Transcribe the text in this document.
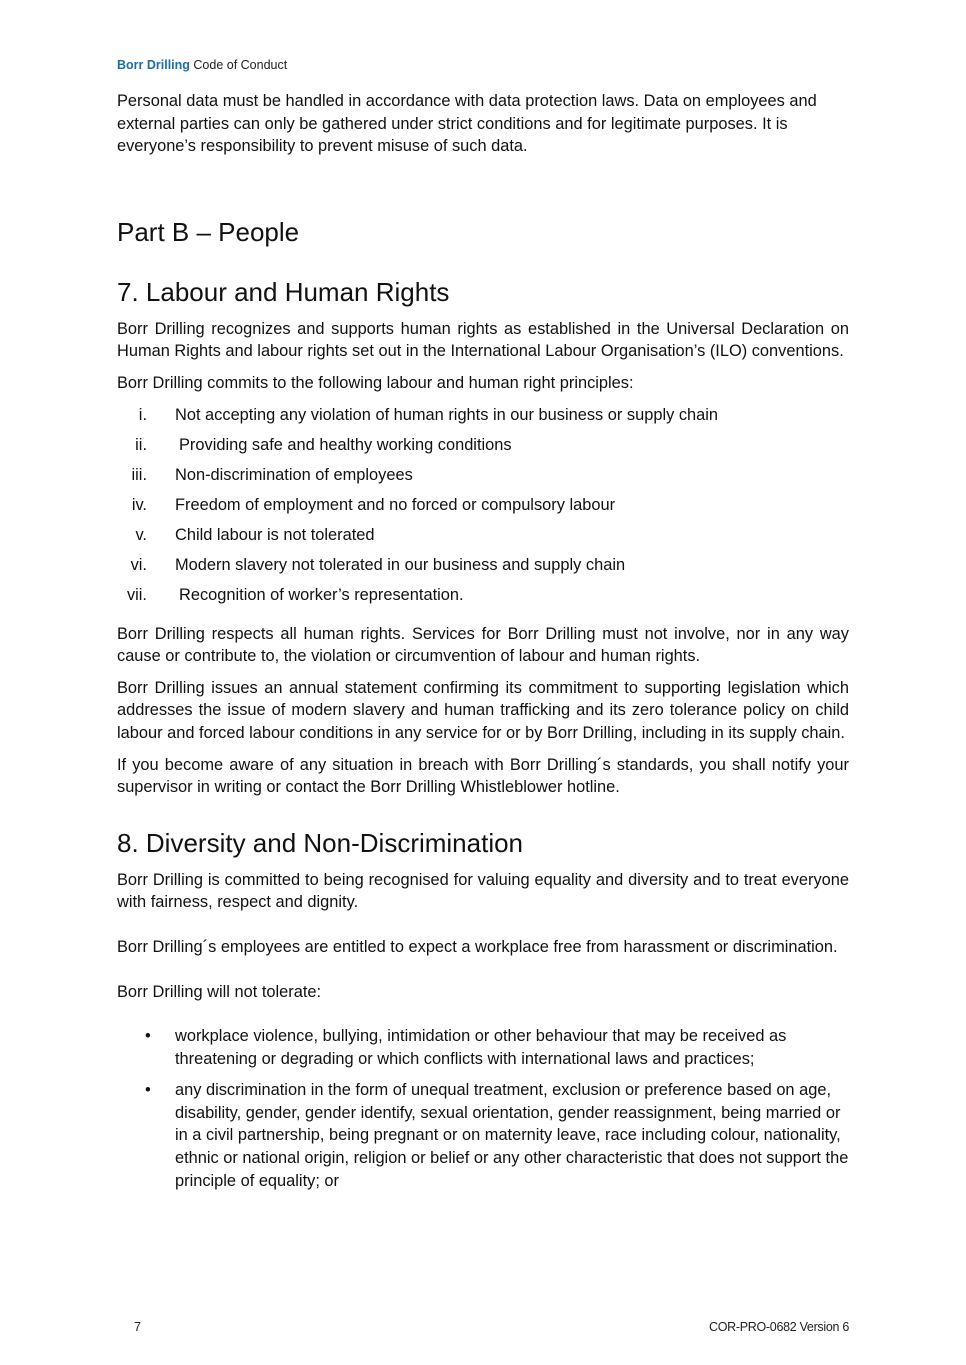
Borr Drilling Code of Conduct

Personal data must be handled in accordance with data protection laws. Data on employees and external parties can only be gathered under strict conditions and for legitimate purposes. It is everyone’s responsibility to prevent misuse of such data.

Part B – People
7. Labour and Human Rights

Borr Drilling recognizes and supports human rights as established in the Universal Declaration on Human Rights and labour rights set out in the International Labour Organisation’s (ILO) conventions.

Borr Drilling commits to the following labour and human right principles:

i. Not accepting any violation of human rights in our business or supply chain
ii. Providing safe and healthy working conditions
iii. Non-discrimination of employees
iv. Freedom of employment and no forced or compulsory labour
v. Child labour is not tolerated
vi. Modern slavery not tolerated in our business and supply chain
vii. Recognition of worker’s representation.

Borr Drilling respects all human rights. Services for Borr Drilling must not involve, nor in any way cause or contribute to, the violation or circumvention of labour and human rights.

Borr Drilling issues an annual statement confirming its commitment to supporting legislation which addresses the issue of modern slavery and human trafficking and its zero tolerance policy on child labour and forced labour conditions in any service for or by Borr Drilling, including in its supply chain.

If you become aware of any situation in breach with Borr Drilling´s standards, you shall notify your supervisor in writing or contact the Borr Drilling Whistleblower hotline.

8. Diversity and Non-Discrimination

Borr Drilling is committed to being recognised for valuing equality and diversity and to treat everyone with fairness, respect and dignity.

Borr Drilling´s employees are entitled to expect a workplace free from harassment or discrimination.

Borr Drilling will not tolerate:

• workplace violence, bullying, intimidation or other behaviour that may be received as threatening or degrading or which conflicts with international laws and practices;
• any discrimination in the form of unequal treatment, exclusion or preference based on age, disability, gender, gender identify, sexual orientation, gender reassignment, being married or in a civil partnership, being pregnant or on maternity leave, race including colour, nationality, ethnic or national origin, religion or belief or any other characteristic that does not support the principle of equality; or
7	COR-PRO-0682 Version 6
